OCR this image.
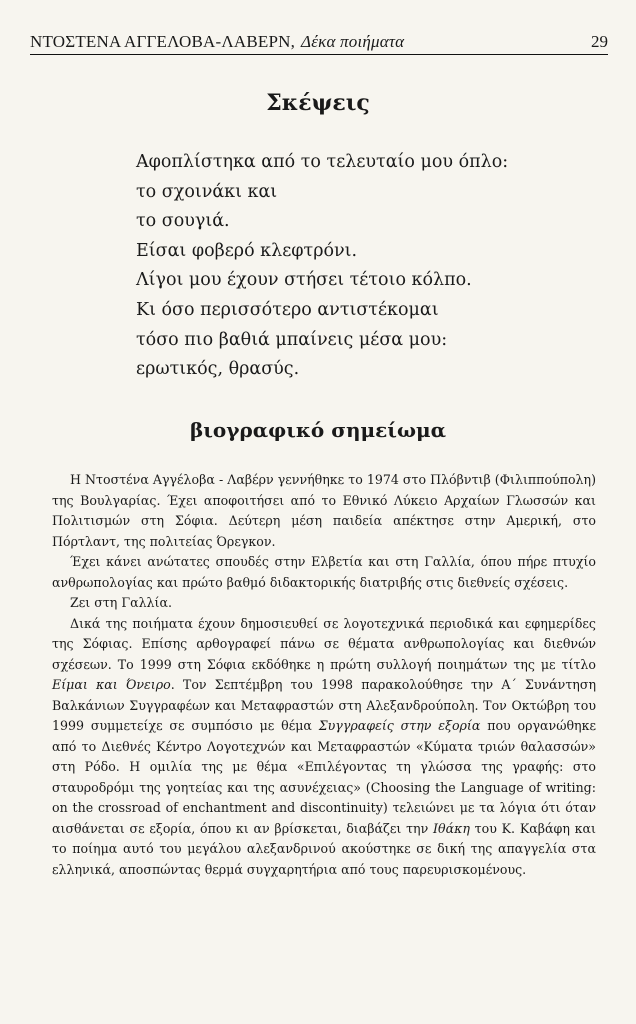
ΝΤΟΣΤΕΝΑ ΑΓΓΕΛΟΒΑ-ΛΑΒΕΡΝ, Δέκα ποιήματα	29
Σκέψεις
Αφοπλίστηκα από το τελευταίο μου όπλο:
το σχοινάκι και
το σουγιά.
Είσαι φοβερό κλεφτρόνι.
Λίγοι μου έχουν στήσει τέτοιο κόλπο.
Κι όσο περισσότερο αντιστέκομαι
τόσο πιο βαθιά μπαίνεις μέσα μου:
ερωτικός, θρασύς.
βιογραφικό σημείωμα

Η Ντοστένα Αγγέλοβα - Λαβέρν γεννήθηκε το 1974 στο Πλόβντιβ (Φιλιππούπολη) της Βουλγαρίας. Έχει αποφοιτήσει από το Εθνικό Λύκειο Αρχαίων Γλωσσών και Πολιτισμών στη Σόφια. Δεύτερη μέση παιδεία απέκτησε στην Αμερική, στο Πόρτλαντ, της πολιτείας Όρεγκον.

Έχει κάνει ανώτατες σπουδές στην Ελβετία και στη Γαλλία, όπου πήρε πτυχίο ανθρωπολογίας και πρώτο βαθμό διδακτορικής διατριβής στις διεθνείς σχέσεις.

Ζει στη Γαλλία.

Δικά της ποιήματα έχουν δημοσιευθεί σε λογοτεχνικά περιοδικά και εφημερίδες της Σόφιας. Επίσης αρθογραφεί πάνω σε θέματα ανθρωπολογίας και διεθνών σχέσεων. Το 1999 στη Σόφια εκδόθηκε η πρώτη συλλογή ποιημάτων της με τίτλο Είμαι και Όνειρο. Τον Σεπτέμβρη του 1998 παρακολούθησε την Α΄ Συνάντηση Βαλκάνιων Συγγραφέων και Μεταφραστών στη Αλεξανδρούπολη. Τον Οκτώβρη του 1999 συμμετείχε σε συμπόσιο με θέμα Συγγραφείς στην εξορία που οργανώθηκε από το Διεθνές Κέντρο Λογοτεχνών και Μεταφραστών «Κύματα τριών θαλασσών» στη Ρόδο. Η ομιλία της με θέμα «Επιλέγοντας τη γλώσσα της γραφής: στο σταυροδρόμι της γοητείας και της ασυνέχειας» (Choosing the Language of writing: on the crossroad of enchantment and discontinuity) τελειώνει με τα λόγια ότι όταν αισθάνεται σε εξορία, όπου κι αν βρίσκεται, διαβάζει την Ιθάκη του Κ. Καβάφη και το ποίημα αυτό του μεγάλου αλεξανδρινού ακούστηκε σε δική της απαγγελία στα ελληνικά, αποσπώντας θερμά συγχαρητήρια από τους παρευρισκομένους.
